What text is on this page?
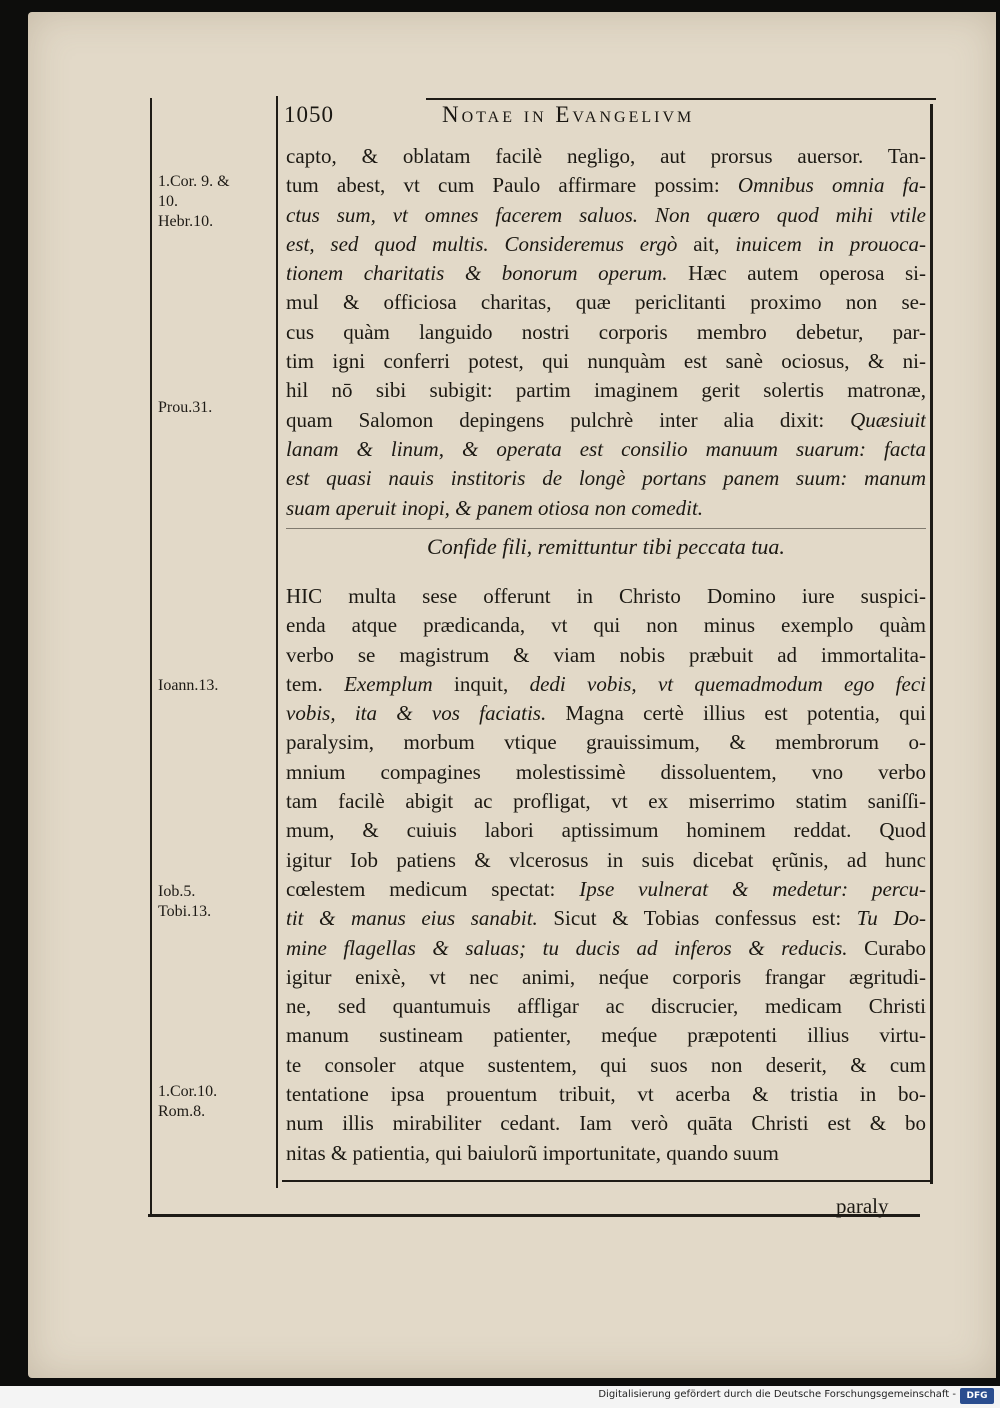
1050	Notae in Evangelivm
1.Cor. 9. &
10.
Hebr.10.
Prou.31.
Ioann.13.
Iob.5.
Tobi.13.
1.Cor.10.
Rom.8.
capto, & oblatam facilè negligo, aut prorsus auersor. Tan-
tum abest, vt cum Paulo affirmare possim: Omnibus omnia fa-
ctus sum, vt omnes facerem saluos. Non quæro quod mihi vtile
est, sed quod multis. Consideremus ergò ait, inuicem in prouoca-
tionem charitatis & bonorum operum. Hæc autem operosa si-
mul & officiosa charitas, quæ periclitanti proximo non se-
cus quàm languido nostri corporis membro debetur, par-
tim igni conferri potest, qui nunquàm est sanè ociosus, & ni-
hil nō sibi subigit: partim imaginem gerit solertis matronæ,
quam Salomon depingens pulchrè inter alia dixit: Quæsiuit
lanam & linum, & operata est consilio manuum suarum: facta
est quasi nauis institoris de longè portans panem suum: manum
suam aperuit inopi, & panem otiosa non comedit.
Confide fili, remittuntur tibi peccata tua.
HIC multa sese offerunt in Christo Domino iure suspici-
enda atque prædicanda, vt qui non minus exemplo quàm
verbo se magistrum & viam nobis præbuit ad immortalita-
tem. Exemplum inquit, dedi vobis, vt quemadmodum ego feci
vobis, ita & vos faciatis. Magna certè illius est potentia, qui
paralysim, morbum vtique grauissimum, & membrorum o-
mnium compagines molestissimè dissoluentem, vno verbo
tam facilè abigit ac profligat, vt ex miserrimo statim saniſſi-
mum, & cuiuis labori aptissimum hominem reddat. Quod
igitur Iob patiens & vlcerosus in suis dicebat ęrũnis, ad hunc
cœlestem medicum spectat: Ipse vulnerat & medetur: percu-
tit & manus eius sanabit. Sicut & Tobias confessus est: Tu Do-
mine flagellas & saluas; tu ducis ad inferos & reducis. Curabo
igitur enixè, vt nec animi, neq́ue corporis frangar ægritudi-
ne, sed quantumuis affligar ac discrucier, medicam Christi
manum sustineam patienter, meq́ue præpotenti illius virtu-
te consoler atque sustentem, qui suos non deserit, & cum
tentatione ipsa prouentum tribuit, vt acerba & tristia in bo-
num illis mirabiliter cedant. Iam verò quāta Christi est & bo
nitas & patientia, qui baiulorũ importunitate, quando suum
paraly
Digitalisierung gefördert durch die Deutsche Forschungsgemeinschaft -	DFG
